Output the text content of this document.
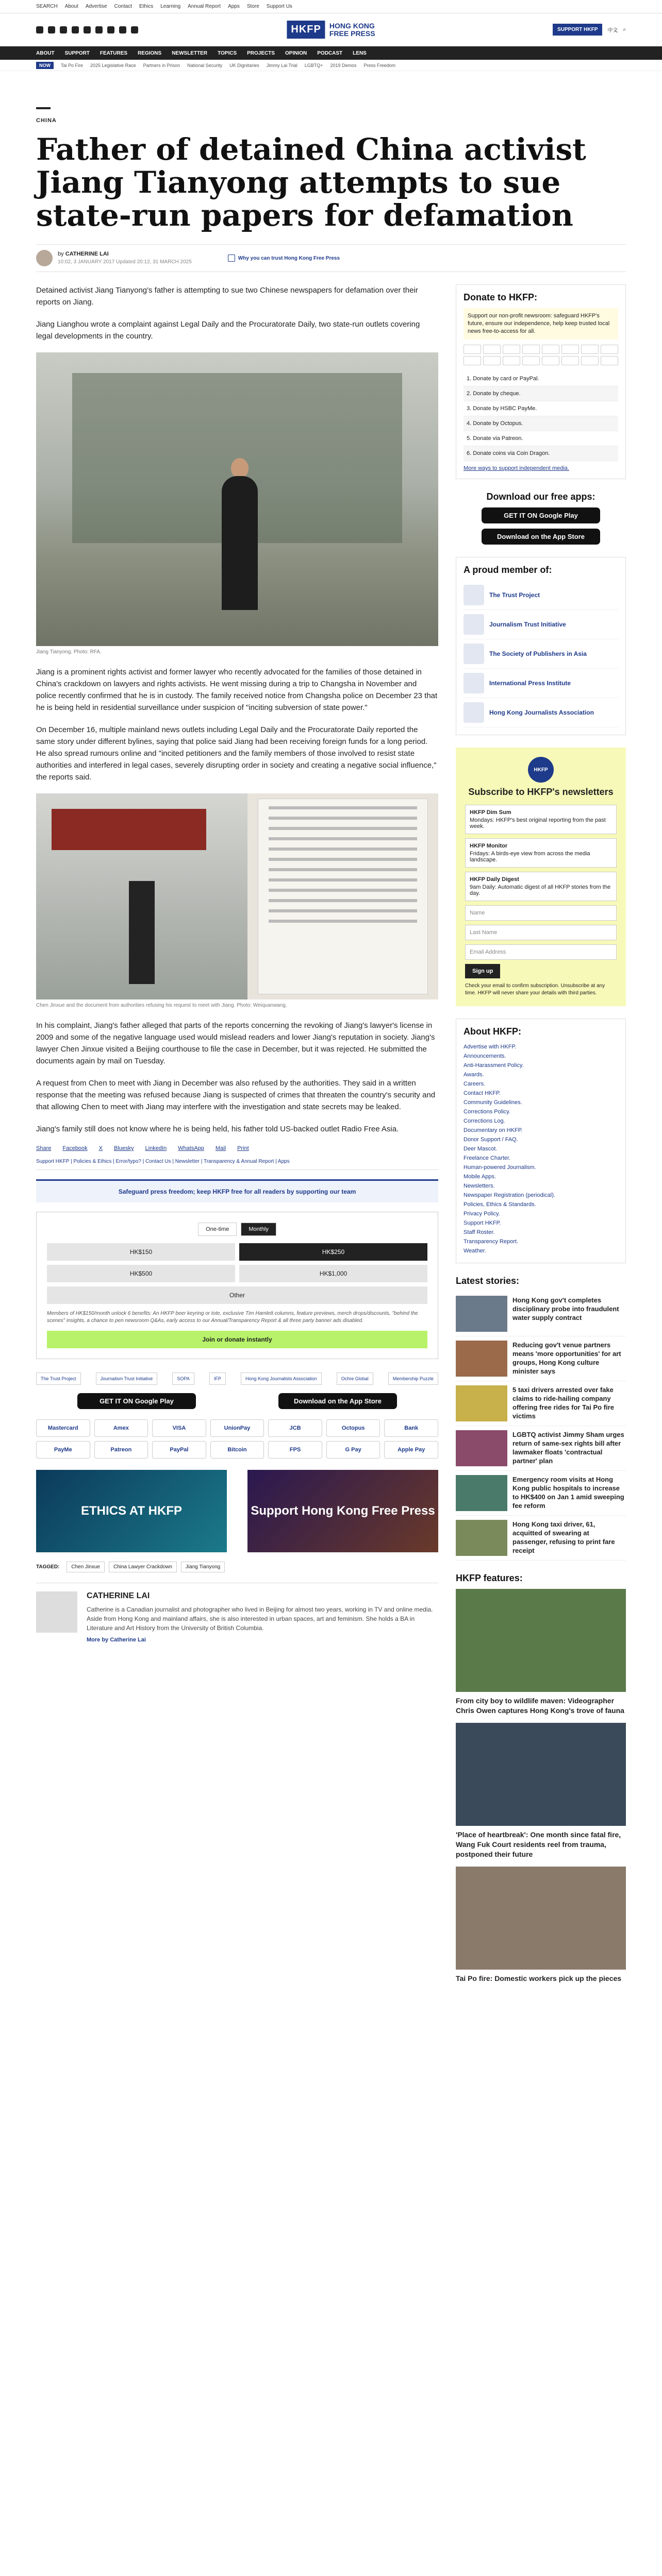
SEARCH About Advertise Contact Ethics Learning Annual Report Apps Store Support Us
HKFP	HONG KONG
FREE PRESS	SUPPORT HKFP	中文 ⌕
ABOUT SUPPORT FEATURES REGIONS NEWSLETTER TOPICS PROJECTS OPINION PODCAST LENS
NOW	Tai Po Fire 2025 Legislative Race Partners in Prison National Security UK Dignitaries Jimmy Lai Trial LGBTQ+ 2019 Demos Press Freedom
CHINA
Father of detained China activist Jiang Tianyong attempts to sue state-run papers for defamation
by CATHERINE LAI
10:02, 3 JANUARY 2017 Updated 20:12, 31 MARCH 2025
Why you can trust Hong Kong Free Press

Detained activist Jiang Tianyong's father is attempting to sue two Chinese newspapers for defamation over their reports on Jiang.

Jiang Lianghou wrote a complaint against Legal Daily and the Procuratorate Daily, two state-run outlets covering legal developments in the country.

Jiang Tianyong. Photo: RFA.

Jiang is a prominent rights activist and former lawyer who recently advocated for the families of those detained in China's crackdown on lawyers and rights activists. He went missing during a trip to Changsha in November and police recently confirmed that he is in custody. The family received notice from Changsha police on December 23 that he is being held in residential surveillance under suspicion of "inciting subversion of state power."

On December 16, multiple mainland news outlets including Legal Daily and the Procuratorate Daily reported the same story under different bylines, saying that police said Jiang had been receiving foreign funds for a long period. He also spread rumours online and "incited petitioners and the family members of those involved to resist state authorities and interfered in legal cases, severely disrupting order in society and creating a negative social influence," the reports said.

Chen Jinxue and the document from authorities refusing his request to meet with Jiang. Photo: Weiquanwang.

In his complaint, Jiang's father alleged that parts of the reports concerning the revoking of Jiang's lawyer's license in 2009 and some of the negative language used would mislead readers and lower Jiang's reputation in society. Jiang's lawyer Chen Jinxue visited a Beijing courthouse to file the case in December, but it was rejected. He submitted the documents again by mail on Tuesday.

A request from Chen to meet with Jiang in December was also refused by the authorities. They said in a written response that the meeting was refused because Jiang is suspected of crimes that threaten the country's security and that allowing Chen to meet with Jiang may interfere with the investigation and state secrets may be leaked.

Jiang's family still does not know where he is being held, his father told US-backed outlet Radio Free Asia.

Share Facebook X Bluesky LinkedIn WhatsApp Mail Print
Support HKFP | Policies & Ethics | Error/typo? | Contact Us | Newsletter | Transparency & Annual Report | Apps
Safeguard press freedom; keep HKFP free for all readers by supporting our team
One-time	Monthly
HK$150	HK$250
HK$500	HK$1,000
Other
Members of HK$150/month unlock 6 benefits: An HKFP beer keyring or tote, exclusive Tim Hamlett columns, feature previews, merch drops/discounts, "behind the scenes" insights, a chance to pen newsroom Q&As, early access to our Annual/Transparency Report & all three party banner ads disabled.
Join or donate instantly
The Trust Project	Journalism Trust Initiative	SOPA	IFP	Hong Kong Journalists Association	Ochre Global	Membership Puzzle
GET IT ON Google Play	Download on the App Store
Mastercard	Amex	VISA	UnionPay	JCB	Octopus	Bank
PayMe	Patreon	PayPal	Bitcoin	FPS	G Pay	Apple Pay
ETHICS AT HKFP	Support Hong Kong Free Press
TAGGED:	Chen Jinxue	China Lawyer Crackdown	Jiang Tianyong
CATHERINE LAI

Catherine is a Canadian journalist and photographer who lived in Beijing for almost two years, working in TV and online media. Aside from Hong Kong and mainland affairs, she is also interested in urban spaces, art and feminism. She holds a BA in Literature and Art History from the University of British Columbia.

More by Catherine Lai
Donate to HKFP:
Support our non-profit newsroom: safeguard HKFP's future, ensure our independence, help keep trusted local news free-to-access for all.
1. Donate by card or PayPal.
2. Donate by cheque.
3. Donate by HSBC PayMe.
4. Donate by Octopus.
5. Donate via Patreon.
6. Donate coins via Coin Dragon.
More ways to support independent media.
Download our free apps:
GET IT ON Google Play
Download on the App Store
A proud member of:
The Trust Project
Journalism Trust Initiative
The Society of Publishers in Asia
International Press Institute
Hong Kong Journalists Association
HKFP
Subscribe to HKFP's newsletters
HKFP Dim Sum
Mondays: HKFP's best original reporting from the past week.
HKFP Monitor
Fridays: A birds-eye view from across the media landscape.
HKFP Daily Digest
9am Daily: Automatic digest of all HKFP stories from the day.
Name
Last Name
Email Address
Sign up
Check your email to confirm subscription. Unsubscribe at any time. HKFP will never share your details with third parties.
About HKFP:
Advertise with HKFP.
Announcements.
Anti-Harassment Policy.
Awards.
Careers.
Contact HKFP.
Community Guidelines.
Corrections Policy.
Corrections Log.
Documentary on HKFP.
Donor Support / FAQ.
Deer Mascot.
Freelance Charter.
Human-powered Journalism.
Mobile Apps.
Newsletters.
Newspaper Registration (periodical).
Policies, Ethics & Standards.
Privacy Policy.
Support HKFP.
Staff Roster.
Transparency Report.
Weather.
Latest stories:
Hong Kong gov't completes disciplinary probe into fraudulent water supply contract
Reducing gov't venue partners means 'more opportunities' for art groups, Hong Kong culture minister says
5 taxi drivers arrested over fake claims to ride-hailing company offering free rides for Tai Po fire victims
LGBTQ activist Jimmy Sham urges return of same-sex rights bill after lawmaker floats 'contractual partner' plan
Emergency room visits at Hong Kong public hospitals to increase to HK$400 on Jan 1 amid sweeping fee reform
Hong Kong taxi driver, 61, acquitted of swearing at passenger, refusing to print fare receipt
HKFP features:
From city boy to wildlife maven: Videographer Chris Owen captures Hong Kong's trove of fauna
'Place of heartbreak': One month since fatal fire, Wang Fuk Court residents reel from trauma, postponed their future
Tai Po fire: Domestic workers pick up the pieces
